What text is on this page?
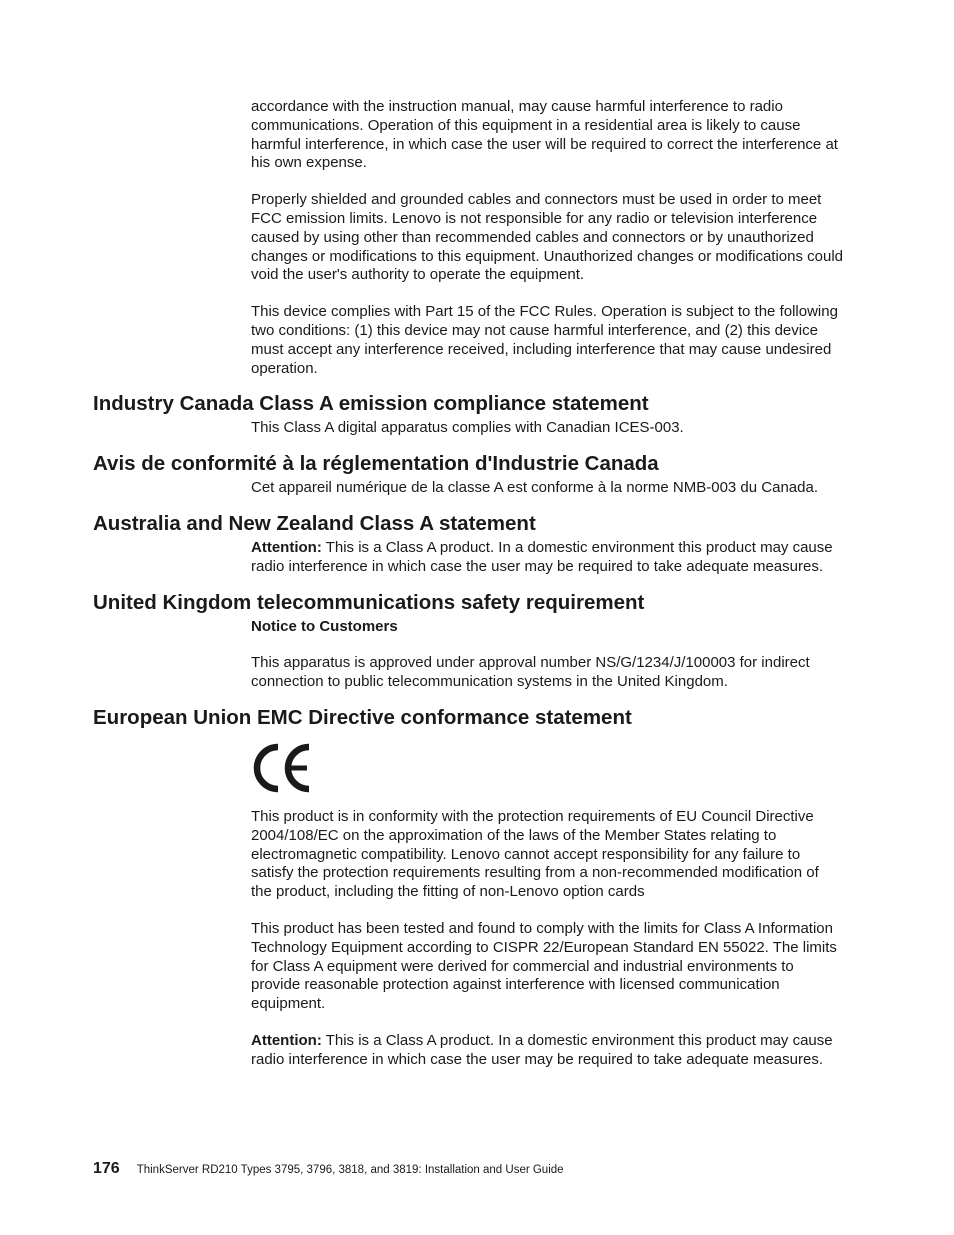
accordance with the instruction manual, may cause harmful interference to radio communications. Operation of this equipment in a residential area is likely to cause harmful interference, in which case the user will be required to correct the interference at his own expense.

Properly shielded and grounded cables and connectors must be used in order to meet FCC emission limits. Lenovo is not responsible for any radio or television interference caused by using other than recommended cables and connectors or by unauthorized changes or modifications to this equipment. Unauthorized changes or modifications could void the user's authority to operate the equipment.

This device complies with Part 15 of the FCC Rules. Operation is subject to the following two conditions: (1) this device may not cause harmful interference, and (2) this device must accept any interference received, including interference that may cause undesired operation.

Industry Canada Class A emission compliance statement

This Class A digital apparatus complies with Canadian ICES-003.

Avis de conformité à la réglementation d'Industrie Canada

Cet appareil numérique de la classe A est conforme à la norme NMB-003 du Canada.

Australia and New Zealand Class A statement

Attention: This is a Class A product. In a domestic environment this product may cause radio interference in which case the user may be required to take adequate measures.

United Kingdom telecommunications safety requirement

Notice to Customers

This apparatus is approved under approval number NS/G/1234/J/100003 for indirect connection to public telecommunication systems in the United Kingdom.

European Union EMC Directive conformance statement

This product is in conformity with the protection requirements of EU Council Directive 2004/108/EC on the approximation of the laws of the Member States relating to electromagnetic compatibility. Lenovo cannot accept responsibility for any failure to satisfy the protection requirements resulting from a non-recommended modification of the product, including the fitting of non-Lenovo option cards

This product has been tested and found to comply with the limits for Class A Information Technology Equipment according to CISPR 22/European Standard EN 55022. The limits for Class A equipment were derived for commercial and industrial environments to provide reasonable protection against interference with licensed communication equipment.

Attention: This is a Class A product. In a domestic environment this product may cause radio interference in which case the user may be required to take adequate measures.

176 ThinkServer RD210 Types 3795, 3796, 3818, and 3819: Installation and User Guide
